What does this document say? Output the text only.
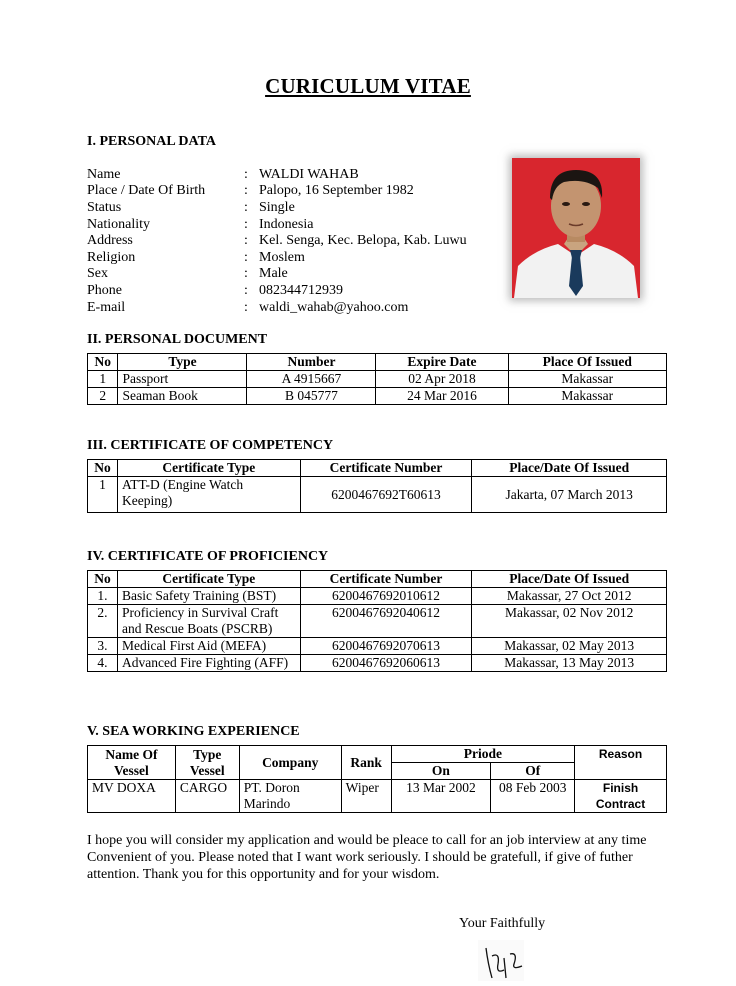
CURICULUM VITAE
I. PERSONAL DATA
Name	: WALDI WAHAB
Place / Date Of Birth	: Palopo, 16 September 1982
Status	: Single
Nationality	: Indonesia
Address	: Kel. Senga, Kec. Belopa, Kab. Luwu
Religion	: Moslem
Sex	: Male
Phone	: 082344712939
E-mail	: waldi_wahab@yahoo.com
II. PERSONAL DOCUMENT
No	Type	Number	Expire Date	Place Of Issued
1	Passport	A 4915667	02 Apr 2018	Makassar
2	Seaman Book	B 045777	24 Mar 2016	Makassar
III. CERTIFICATE OF COMPETENCY
No	Certificate Type	Certificate Number	Place/Date Of Issued
1	ATT-D (Engine Watch Keeping)	6200467692T60613	Jakarta, 07 March 2013
IV. CERTIFICATE OF PROFICIENCY
No	Certificate Type	Certificate Number	Place/Date Of Issued
1.	Basic Safety Training (BST)	6200467692010612	Makassar, 27 Oct 2012
2.	Proficiency in Survival Craft and Rescue Boats (PSCRB)	6200467692040612	Makassar, 02 Nov 2012
3.	Medical First Aid (MEFA)	6200467692070613	Makassar, 02 May 2013
4.	Advanced Fire Fighting (AFF)	6200467692060613	Makassar, 13 May 2013
V. SEA WORKING EXPERIENCE
Name Of Vessel	Type Vessel	Company	Rank	Priode		Reason
				On	Of	
MV DOXA	CARGO	PT. Doron Marindo	Wiper	13 Mar 2002	08 Feb 2003	Finish Contract
I hope you will consider my application and would be pleace to call for an job interview at any time Convenient of you. Please noted that I want work seriously. I should be gratefull, if give of futher attention. Thank you for this opportunity and for your wisdom.
Your Faithfully
